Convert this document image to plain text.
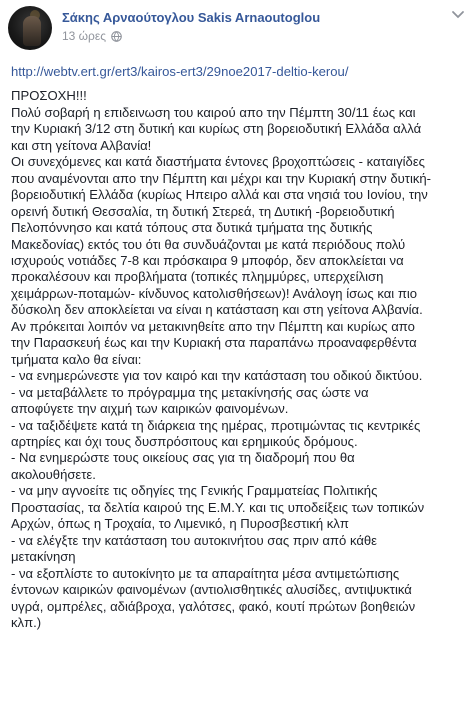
Σάκης Αρναούτογλου Sakis Arnaoutoglou
13 ώρες
http://webtv.ert.gr/ert3/kairos-ert3/29noe2017-deltio-kerou/
ΠΡΟΣΟΧΗ!!!
Πολύ σοβαρή η επιδεινωση του καιρού απο την Πέμπτη 30/11 έως και
την Κυριακή 3/12 στη δυτική και κυρίως στη βορειοδυτική Ελλάδα αλλά
και στη γείτονα Αλβανία!
Οι συνεχόμενες και κατά διαστήματα έντονες βροχοπτώσεις - καταιγίδες
που αναμένονται απο την Πέμπτη και μέχρι και την Κυριακή στην δυτική-
βορειοδυτική Ελλάδα (κυρίως Ηπειρο αλλά και στα νησιά του Ιονίου, την
ορεινή δυτική Θεσσαλία, τη δυτική Στερεά, τη Δυτική -βορειοδυτική
Πελοπόννησο και κατά τόπους στα δυτικά τμήματα της δυτικής
Μακεδονίας) εκτός του ότι θα συνδυάζονται με κατά περιόδους πολύ
ισχυρούς νοτιάδες 7-8 και πρόσκαιρα 9 μποφόρ, δεν αποκλείεται να
προκαλέσουν και προβλήματα (τοπικές πλημμύρες, υπερχείλιση
χειμάρρων-ποταμών- κίνδυνος κατολισθήσεων)! Ανάλογη ίσως και πιο
δύσκολη δεν αποκλείεται να είναι η κατάσταση και στη γείτονα Αλβανία.
Αν πρόκειται λοιπόν να μετακινηθείτε απο την Πέμπτη και κυρίως απο
την Παρασκευή έως και την Κυριακή στα παραπάνω προαναφερθέντα
τμήματα καλο θα είναι:
- να ενημερώνεστε για τον καιρό και την κατάσταση του οδικού δικτύου.
- να μεταβάλλετε το πρόγραμμα της μετακίνησής σας ώστε να
αποφύγετε την αιχμή των καιρικών φαινομένων.
- να ταξιδέψετε κατά τη διάρκεια της ημέρας, προτιμώντας τις κεντρικές
αρτηρίες και όχι τους δυσπρόσιτους και ερημικούς δρόμους.
- Να ενημερώστε τους οικείους σας για τη διαδρομή που θα
ακολουθήσετε.
- να μην αγνοείτε τις οδηγίες της Γενικής Γραμματείας Πολιτικής
Προστασίας, τα δελτία καιρού της Ε.Μ.Υ. και τις υποδείξεις των τοπικών
Αρχών, όπως η Τροχαία, το Λιμενικό, η Πυροσβεστική κλπ
- να ελέγξτε την κατάσταση του αυτοκινήτου σας πριν από κάθε
μετακίνηση
- να εξοπλίστε το αυτοκίνητο με τα απαραίτητα μέσα αντιμετώπισης
έντονων καιρικών φαινομένων (αντιολισθητικές αλυσίδες, αντιψυκτικά
υγρά, ομπρέλες, αδιάβροχα, γαλότσες, φακό, κουτί πρώτων βοηθειών
κλπ.)
